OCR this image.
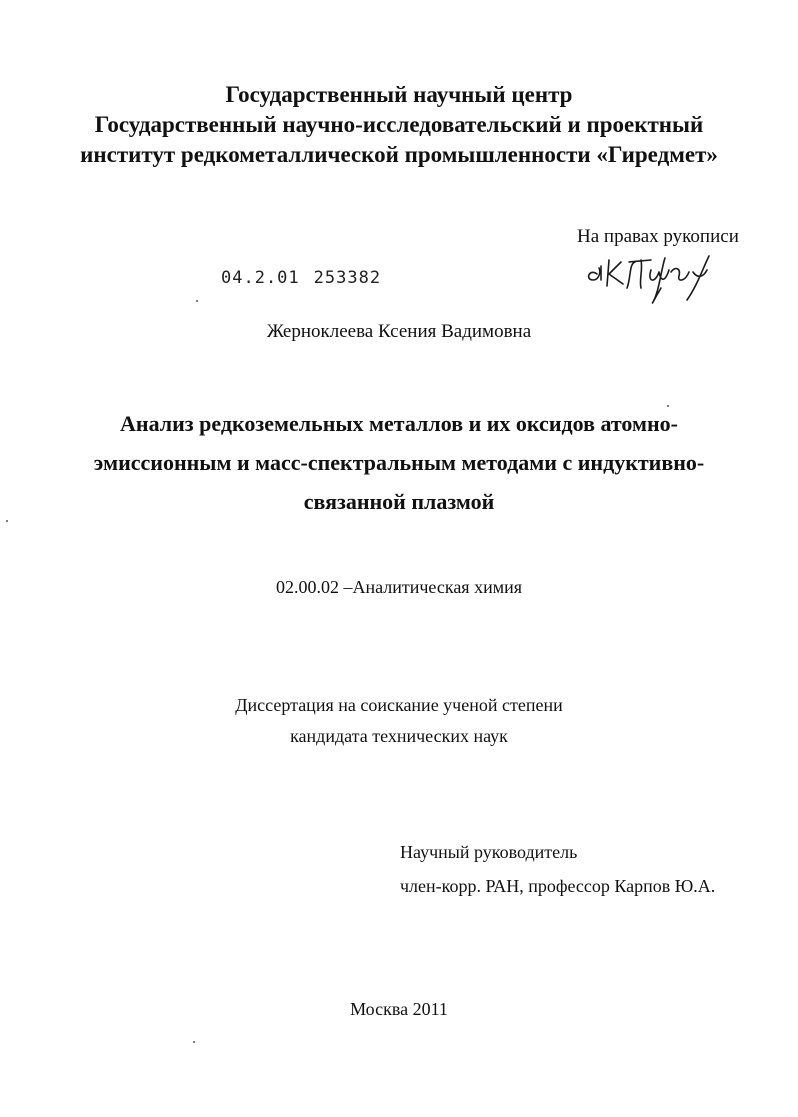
Государственный научный центр
Государственный научно-исследовательский и проектный
институт редкометаллической промышленности «Гиредмет»
На правах рукописи
04.2.01 253382
Жерноклеева Ксения Вадимовна
Анализ редкоземельных металлов и их оксидов атомно-
эмиссионным и масс-спектральным методами с индуктивно-
связанной плазмой
02.00.02 –Аналитическая химия
Диссертация на соискание ученой степени
кандидата технических наук
Научный руководитель
член-корр. РАН, профессор Карпов Ю.А.
Москва 2011
